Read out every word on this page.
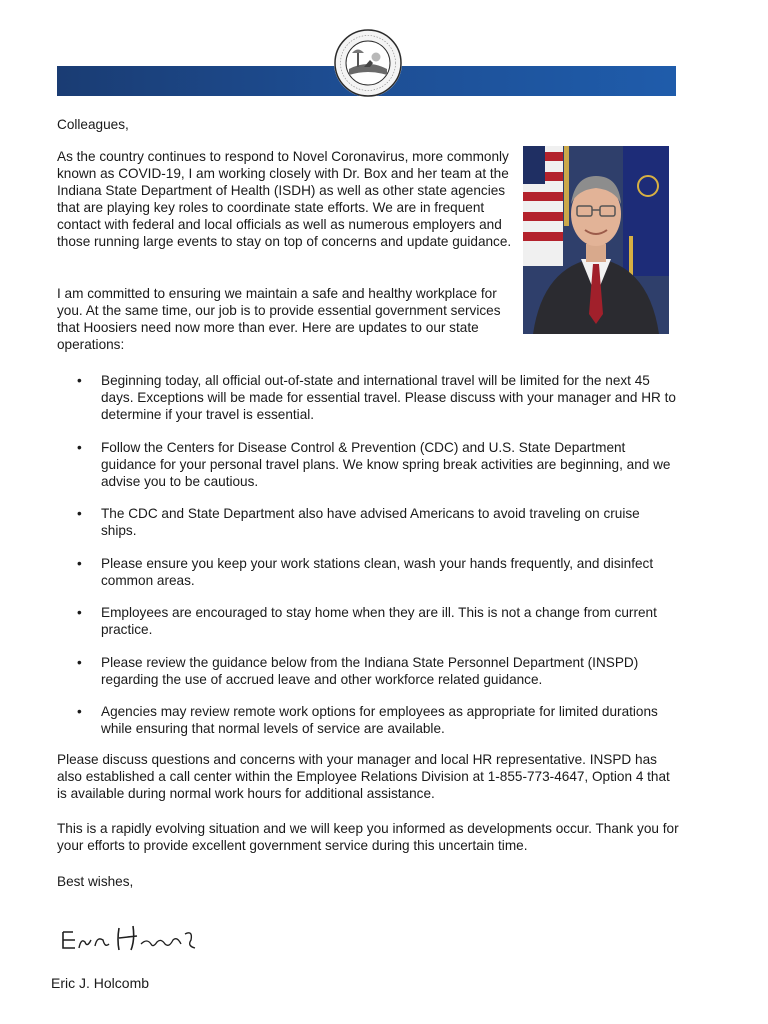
Colleagues,

As the country continues to respond to Novel Coronavirus, more commonly known as COVID-19, I am working closely with Dr. Box and her team at the Indiana State Department of Health (ISDH) as well as other state agencies that are playing key roles to coordinate state efforts. We are in frequent contact with federal and local officials as well as numerous employers and those running large events to stay on top of concerns and update guidance.

I am committed to ensuring we maintain a safe and healthy workplace for you. At the same time, our job is to provide essential government services that Hoosiers need now more than ever. Here are updates to our state operations:

• Beginning today, all official out-of-state and international travel will be limited for the next 45 days. Exceptions will be made for essential travel. Please discuss with your manager and HR to determine if your travel is essential.
• Follow the Centers for Disease Control & Prevention (CDC) and U.S. State Department guidance for your personal travel plans. We know spring break activities are beginning, and we advise you to be cautious.
• The CDC and State Department also have advised Americans to avoid traveling on cruise ships.
• Please ensure you keep your work stations clean, wash your hands frequently, and disinfect common areas.
• Employees are encouraged to stay home when they are ill. This is not a change from current practice.
• Please review the guidance below from the Indiana State Personnel Department (INSPD) regarding the use of accrued leave and other workforce related guidance.
• Agencies may review remote work options for employees as appropriate for limited durations while ensuring that normal levels of service are available.

Please discuss questions and concerns with your manager and local HR representative. INSPD has also established a call center within the Employee Relations Division at 1-855-773-4647, Option 4 that is available during normal work hours for additional assistance.

This is a rapidly evolving situation and we will keep you informed as developments occur. Thank you for your efforts to provide excellent government service during this uncertain time.

Best wishes,

Eric J. Holcomb
